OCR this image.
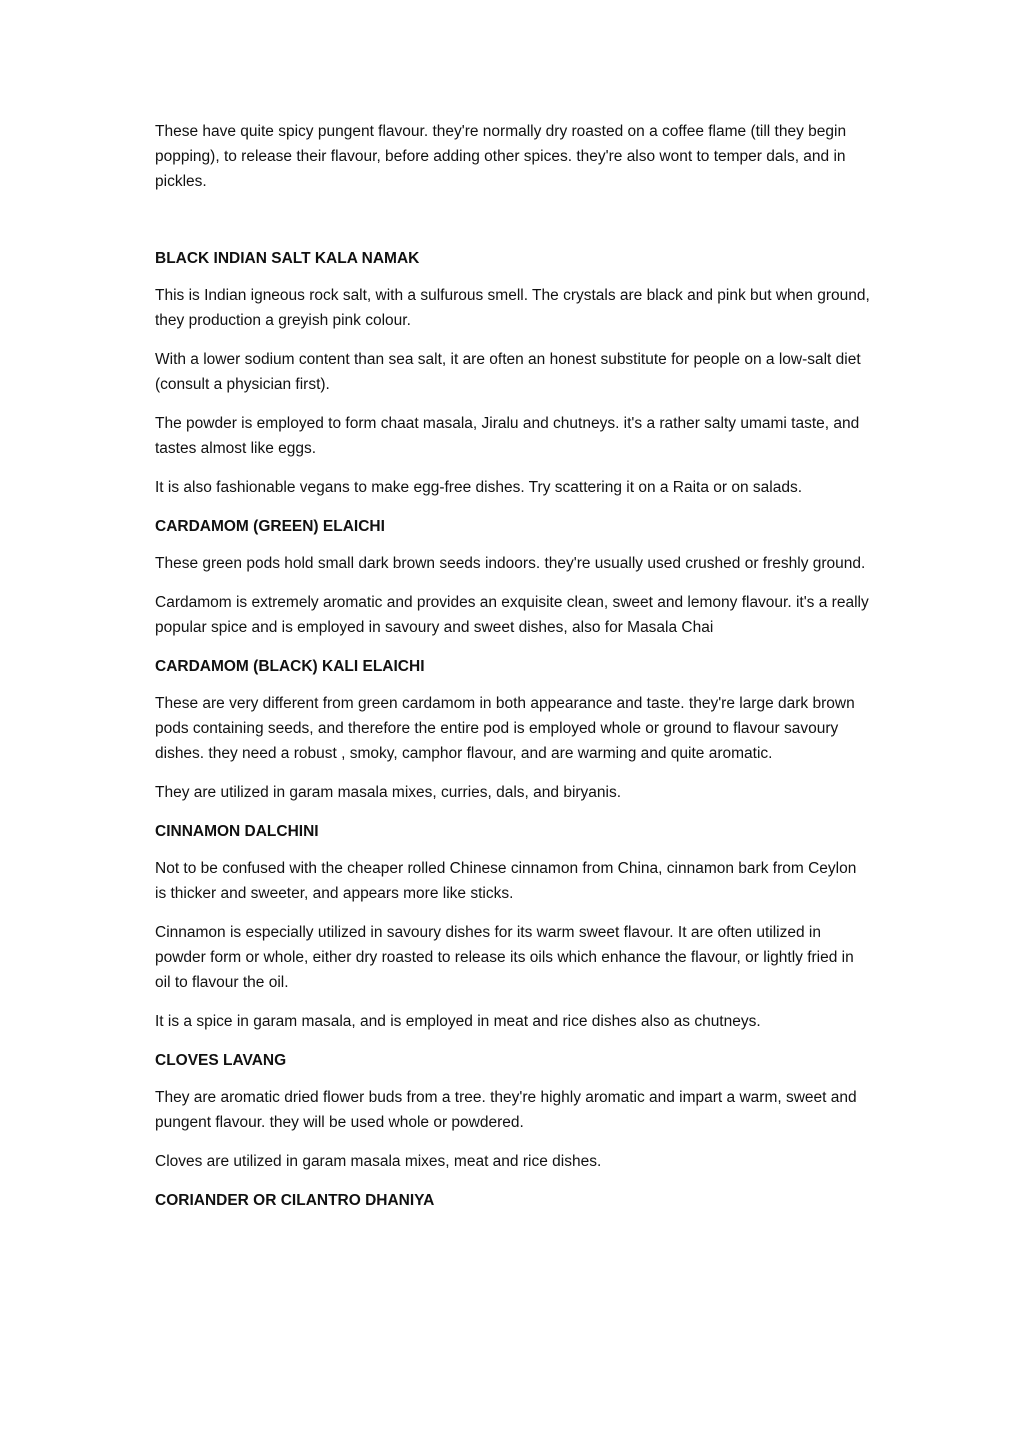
These have quite spicy pungent flavour. they're normally dry roasted on a coffee flame (till they begin popping), to release their flavour, before adding other spices. they're also wont to temper dals, and in pickles.

BLACK INDIAN SALT KALA NAMAK

This is Indian igneous rock salt, with a sulfurous smell. The crystals are black and pink but when ground, they production a greyish pink colour.

With a lower sodium content than sea salt, it are often an honest substitute for people on a low-salt diet (consult a physician first).

The powder is employed to form chaat masala, Jiralu and chutneys. it's a rather salty umami taste, and tastes almost like eggs.

It is also fashionable vegans to make egg-free dishes. Try scattering it on a Raita or on salads.

CARDAMOM (GREEN) ELAICHI

These green pods hold small dark brown seeds indoors. they're usually used crushed or freshly ground.

Cardamom is extremely aromatic and provides an exquisite clean, sweet and lemony flavour. it's a really popular spice and is employed in savoury and sweet dishes, also for Masala Chai

CARDAMOM (BLACK) KALI ELAICHI

These are very different from green cardamom in both appearance and taste. they're large dark brown pods containing seeds, and therefore the entire pod is employed whole or ground to flavour savoury dishes. they need a robust , smoky, camphor flavour, and are warming and quite aromatic.

They are utilized in garam masala mixes, curries, dals, and biryanis.

CINNAMON DALCHINI

Not to be confused with the cheaper rolled Chinese cinnamon from China, cinnamon bark from Ceylon is thicker and sweeter, and appears more like sticks.

Cinnamon is especially utilized in savoury dishes for its warm sweet flavour. It are often utilized in powder form or whole, either dry roasted to release its oils which enhance the flavour, or lightly fried in oil to flavour the oil.

It is a spice in garam masala, and is employed in meat and rice dishes also as chutneys.

CLOVES LAVANG

They are aromatic dried flower buds from a tree. they're highly aromatic and impart a warm, sweet and pungent flavour. they will be used whole or powdered.

Cloves are utilized in garam masala mixes, meat and rice dishes.

CORIANDER OR CILANTRO DHANIYA
